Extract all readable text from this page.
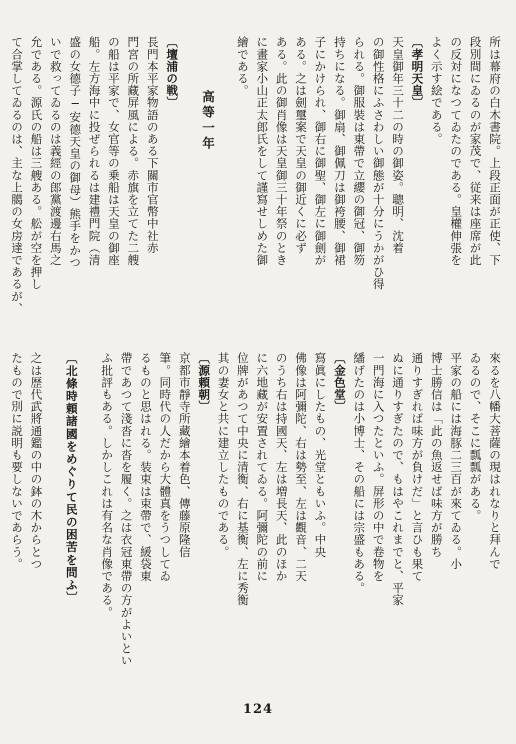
所は幕府の白木書院。上段正面が正使、下
段別間にゐるのが家茂で、従来は座席が此
の反対になつてゐたのである。皇權伸張を
よく示す絵である。
〔孝明天皇〕
天皇御年三十二の時の御姿。聰明、沈着
の御性格にふさわしい御態が十分にうかがひ得
られる。御服裝は東帶で立纓の御冠、御笏
持ちになる。御扇、御佩刀は御袴腰、御裙
子にかけられ、御右に御聖、御左に御劍が
ある。之は劍璽案で天皇の御近くに必ず
ある。此の御肖像は天皇御三十年祭のとき
に畫家小山正太郎氏をして謹寫せしめた御
繪である。
高等一年
〔壇浦の戦〕
長門本平家物語のある下關市官幣中社赤
門宮の所藏屏風による。赤旗を立てた二艘
の船は平家で、女官等の乗船は天皇の御座
船。左方海中に投ぜられるは建禮門院（清
盛の女德子─安德天皇の御母）熊手をかつ
いで救ってゐるのは義經の郎黨渡邊右馬之
允である。源氏の船は三艘ある。舩が空を押し
て合掌してゐるのは、主な上臈の女房達であるが、
來るを八幡大菩薩の現はれなりと拜んで
ゐるので、そこに瓢瓢がある。
平家の船には海豚二三百が來てゐる。小
博士勝信は「此の魚返せば味方が勝ち
通りすぎれば味方が負けだ」と言ひも果て
ぬに通りすぎたので、もはやこれまでと、平家
一門海に入つたといふ。屏形の中で卷物を
繙げたのは小博士、その船には宗盛もある。
〔金色堂〕
寫眞にしたもの、光堂ともいふ。中央
佛像は阿彌陀、右は勢至、左は觀音、二天
のうち右は持國天、左は増長天、此のほか
に六地藏が安置されてゐる。阿彌陀の前に
位牌があつて中央に清衡、右に基衡、左に秀衡
其の妻女と共に建立したものである。
〔源頼朝〕
京都市靜寺所藏繪本着色、傳藤原隆信
筆。同時代の人だから大體真をうつしてゐ
るものと思はれる。装束は束帶で、緩袋東
帶であつて淺沓に沓を履く。之は衣冠東帶の方がよいとい
ふ批評もある。しかしこれは有名な肖像である。
〔北條時頼諸國をめぐりて民の困苦を問ふ〕
之は歴代武將通鑑の中の鉢の木からとつ
たもので別に説明も要しないであらう。
124
